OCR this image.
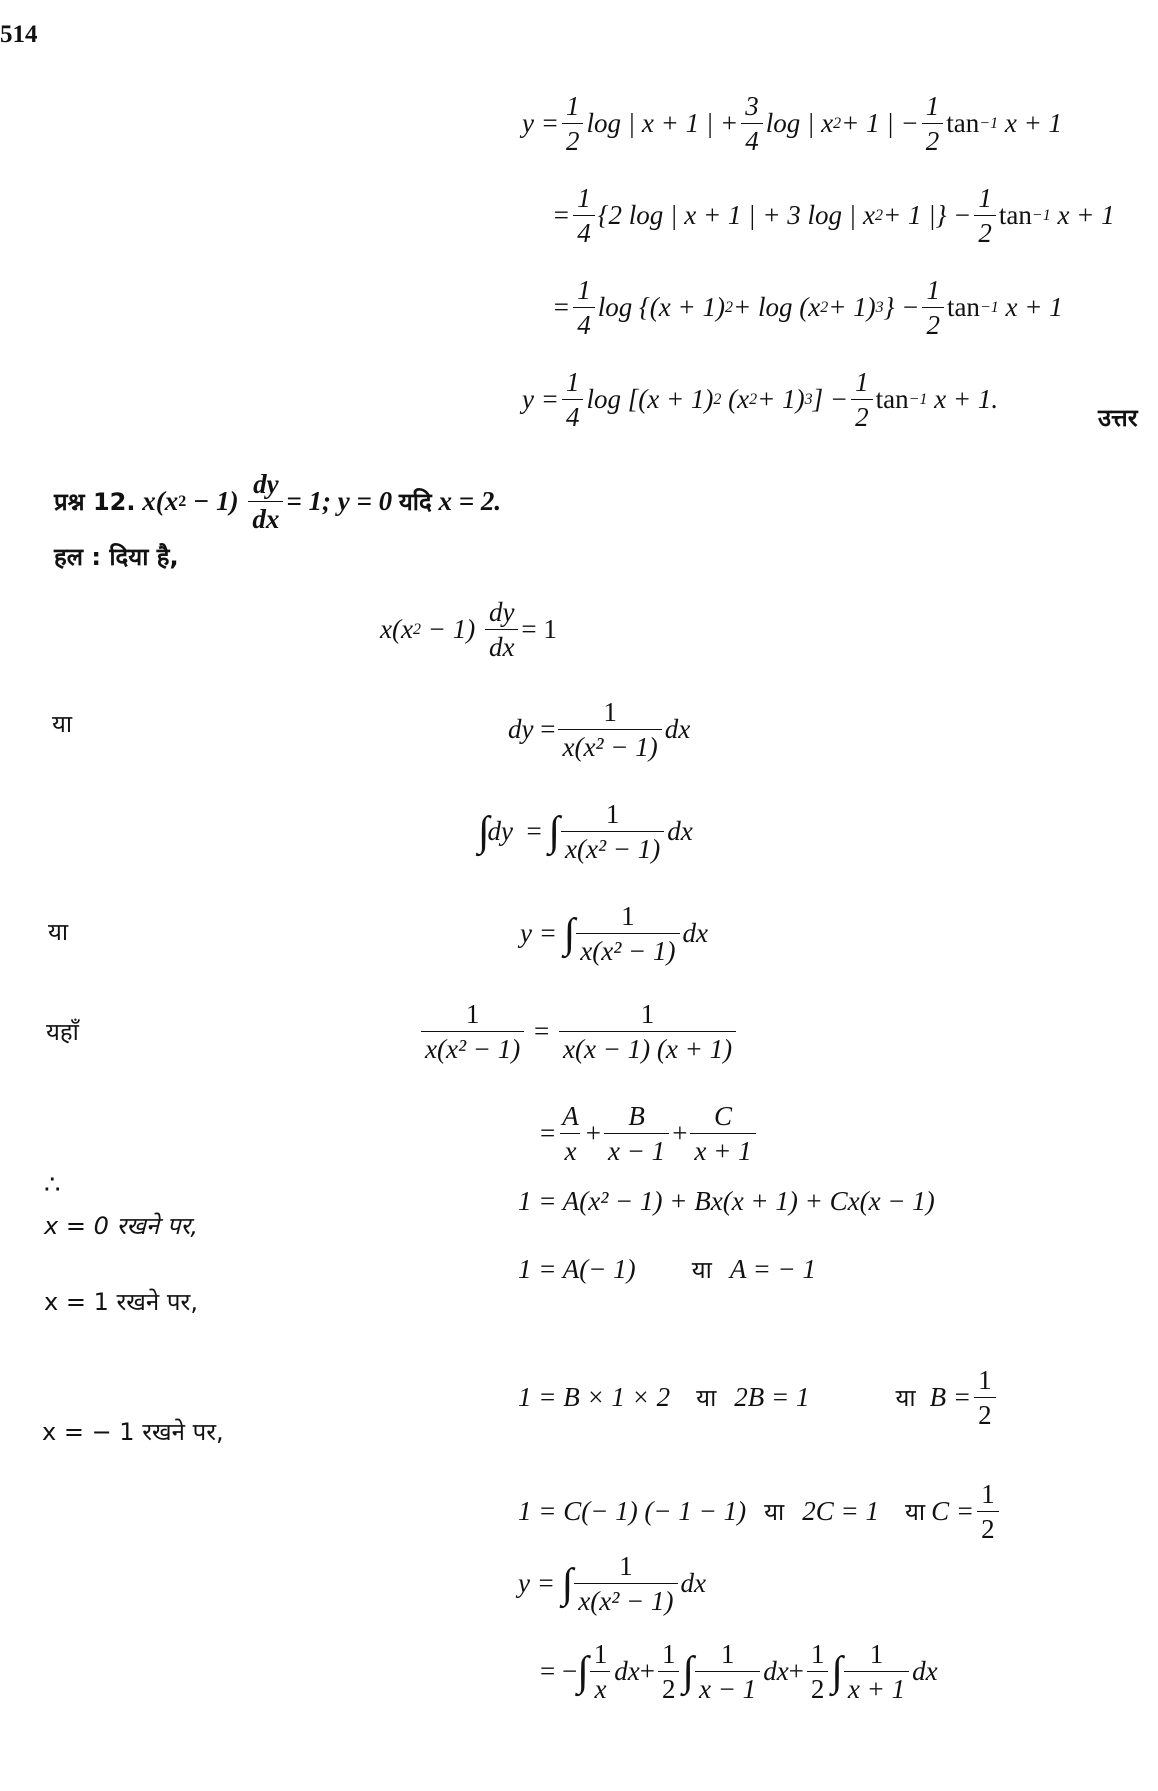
514
$y = \frac{1}{2}$ log | x + 1 | + $\frac{3}{4}$ log | x 2 + 1 | − $\frac{1}{2}$ tan −1
x + 1
= $\frac{1}{4} \{2$ log | x + 1 | + 3 log | x 2 + 1 |} − $\frac{1}{2}$ tan −1
x + 1
= $\frac{1}{4}$ log {(x + 1) 2 + log (x 2 + 1) 3 } − $\frac{1}{2}$ tan −1
x + 1
$y = \frac{1}{4}$ log [(x + 1) 2
(x 2 + 1) 3 ] − $\frac{1}{2}$ tan −1
x + 1.
उत्तर
प्रश्न 12.
x(x 2
− 1)
$\frac{dy}{dx} = 1$; y = 0
यदि
x = 2.
हल : दिया है,
x(x 2
− 1)
$\frac{dy}{dx} = 1$
या	dy
= $\frac{1}{\text{x(x² − 1)}}$ dx
∫
dy
=
∫ $\frac{1}{\text{x(x² − 1)}}$ dx
या	y =
∫ $\frac{1}{\text{x(x² − 1)}}$ dx
यहाँ	$\frac{1}{\text{x(x² − 1)}}$
=
$\frac{1}{x(x - 1) (x + 1)}$
= $\frac{A}{x} + \frac{B}{x - 1} + \frac{C}{x + 1}$
∴
1 = A(x² − 1) + Bx(x + 1) + Cx(x − 1)
x = 0 रखने पर,
1 = A(− 1) या A = − 1
x = 1 रखने पर,
1 = B × 1 × 2 या 2B = 1	या $B = \frac{1}{2}$
x = − 1 रखने पर,
1 = C(− 1) (− 1 − 1) या 2C = 1 या $C = \frac{1}{2}$
y =
∫ $\frac{1}{\text{x(x² − 1)}}$ dx
= − ∫ $\frac{1}{x}$ dx + $\frac{1}{2}$ ∫ $\frac{1}{x - 1}$ dx + $\frac{1}{2}$ ∫ $\frac{1}{x + 1}$ dx
